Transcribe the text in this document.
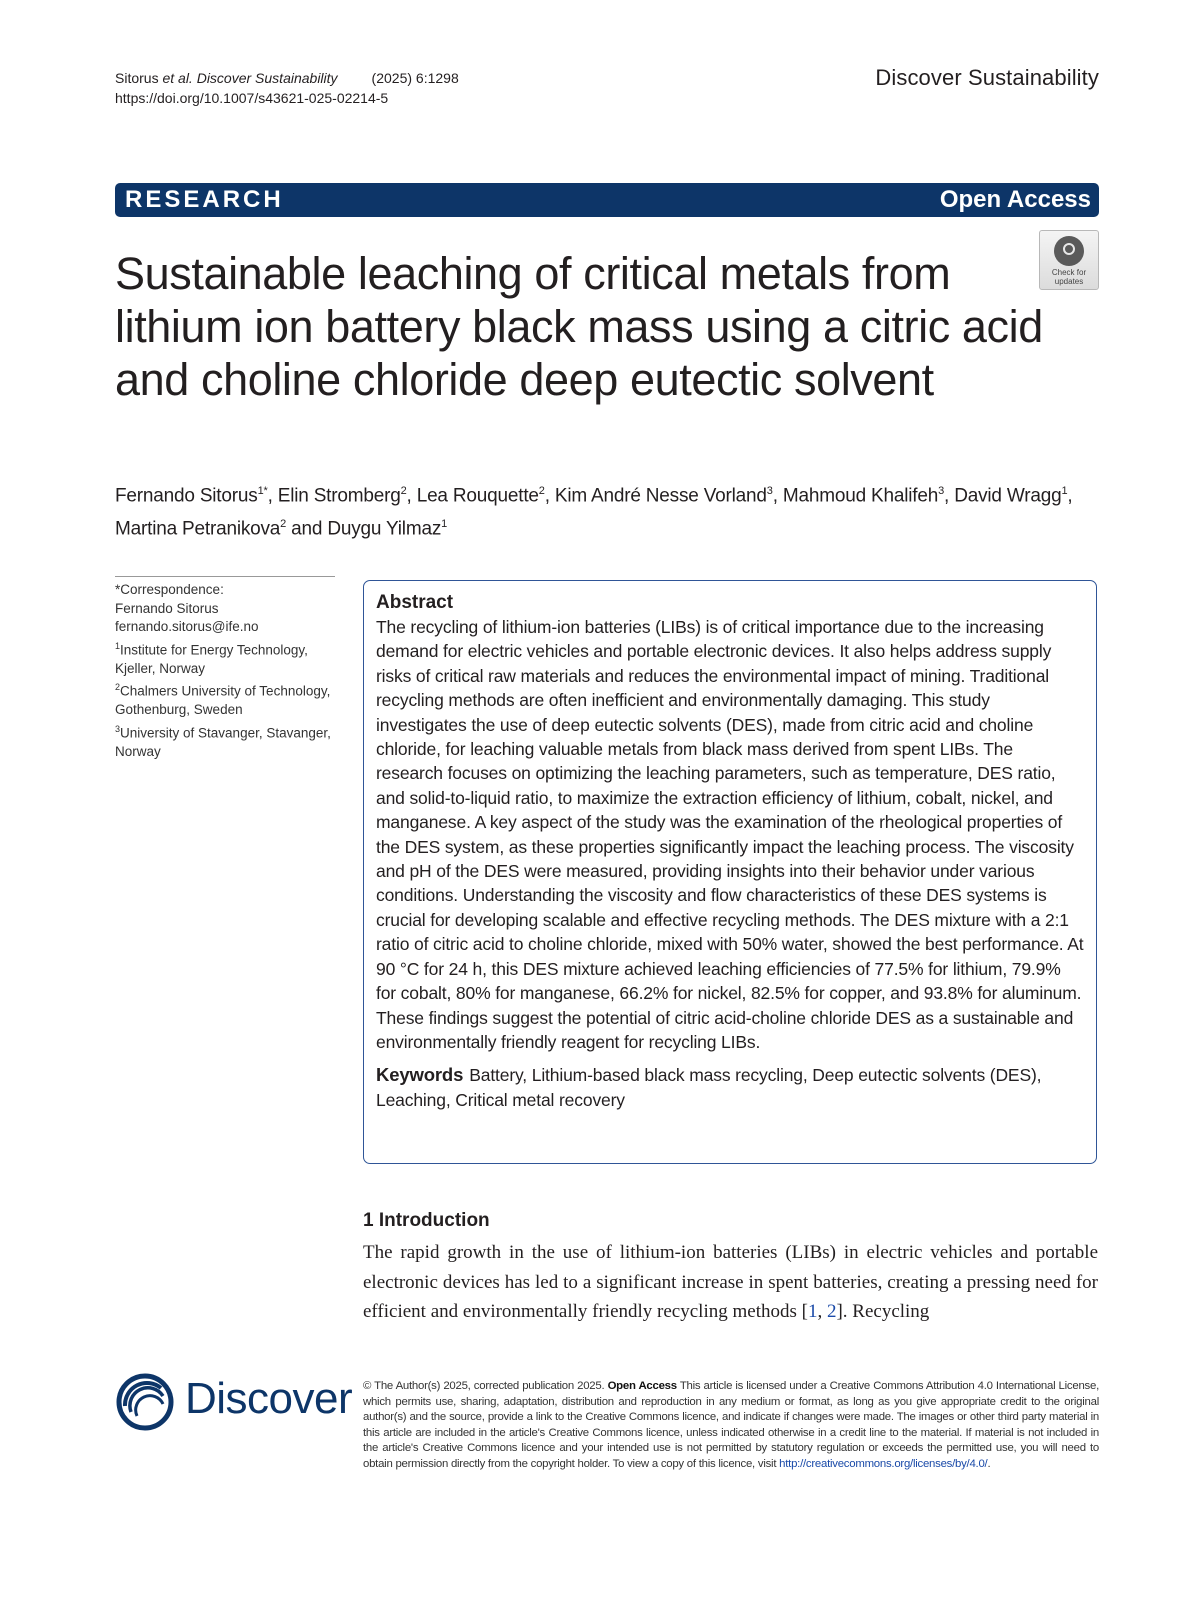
Sitorus et al. Discover Sustainability (2025) 6:1298
https://doi.org/10.1007/s43621-025-02214-5
Discover Sustainability
RESEARCH	Open Access
Check for
updates
Sustainable leaching of critical metals from lithium ion battery black mass using a citric acid and choline chloride deep eutectic solvent
Fernando Sitorus$^{1*}$, Elin Stromberg$^2$, Lea Rouquette$^2$, Kim André Nesse Vorland$^3$, Mahmoud Khalifeh$^3$, David Wragg$^1$,
Martina Petranikova$^2$ and Duygu Yilmaz$^1$
*Correspondence:
Fernando Sitorus
fernando.sitorus@ife.no
$^1$Institute for Energy Technology,
Kjeller, Norway
$^2$Chalmers University of Technology,
Gothenburg, Sweden
$^3$University of Stavanger, Stavanger,
Norway

Abstract

The recycling of lithium-ion batteries (LIBs) is of critical importance due to the increasing demand for electric vehicles and portable electronic devices. It also helps address supply risks of critical raw materials and reduces the environmental impact of mining. Traditional recycling methods are often inefficient and environmentally damaging. This study investigates the use of deep eutectic solvents (DES), made from citric acid and choline chloride, for leaching valuable metals from black mass derived from spent LIBs. The research focuses on optimizing the leaching parameters, such as temperature, DES ratio, and solid-to-liquid ratio, to maximize the extraction efficiency of lithium, cobalt, nickel, and manganese. A key aspect of the study was the examination of the rheological properties of the DES system, as these properties significantly impact the leaching process. The viscosity and pH of the DES were measured, providing insights into their behavior under various conditions. Understanding the viscosity and flow characteristics of these DES systems is crucial for developing scalable and effective recycling methods. The DES mixture with a 2:1 ratio of citric acid to choline chloride, mixed with 50% water, showed the best performance. At 90 °C for 24 h, this DES mixture achieved leaching efficiencies of 77.5% for lithium, 79.9% for cobalt, 80% for manganese, 66.2% for nickel, 82.5% for copper, and 93.8% for aluminum. These findings suggest the potential of citric acid-choline chloride DES as a sustainable and environmentally friendly reagent for recycling LIBs.

Keywords Battery, Lithium-based black mass recycling, Deep eutectic solvents (DES), Leaching, Critical metal recovery
1 Introduction

The rapid growth in the use of lithium-ion batteries (LIBs) in electric vehicles and portable electronic devices has led to a significant increase in spent batteries, creating a pressing need for efficient and environmentally friendly recycling methods [1, 2]. Recycling

Discover © The Author(s) 2025, corrected publication 2025. Open Access This article is licensed under a Creative Commons Attribution 4.0 International License, which permits use, sharing, adaptation, distribution and reproduction in any medium or format, as long as you give appropriate credit to the original author(s) and the source, provide a link to the Creative Commons licence, and indicate if changes were made. The images or other third party material in this article are included in the article's Creative Commons licence, unless indicated otherwise in a credit line to the material. If material is not included in the article's Creative Commons licence and your intended use is not permitted by statutory regulation or exceeds the permitted use, you will need to obtain permission directly from the copyright holder. To view a copy of this licence, visit http://creativecommons.org/licenses/by/4.0/.
